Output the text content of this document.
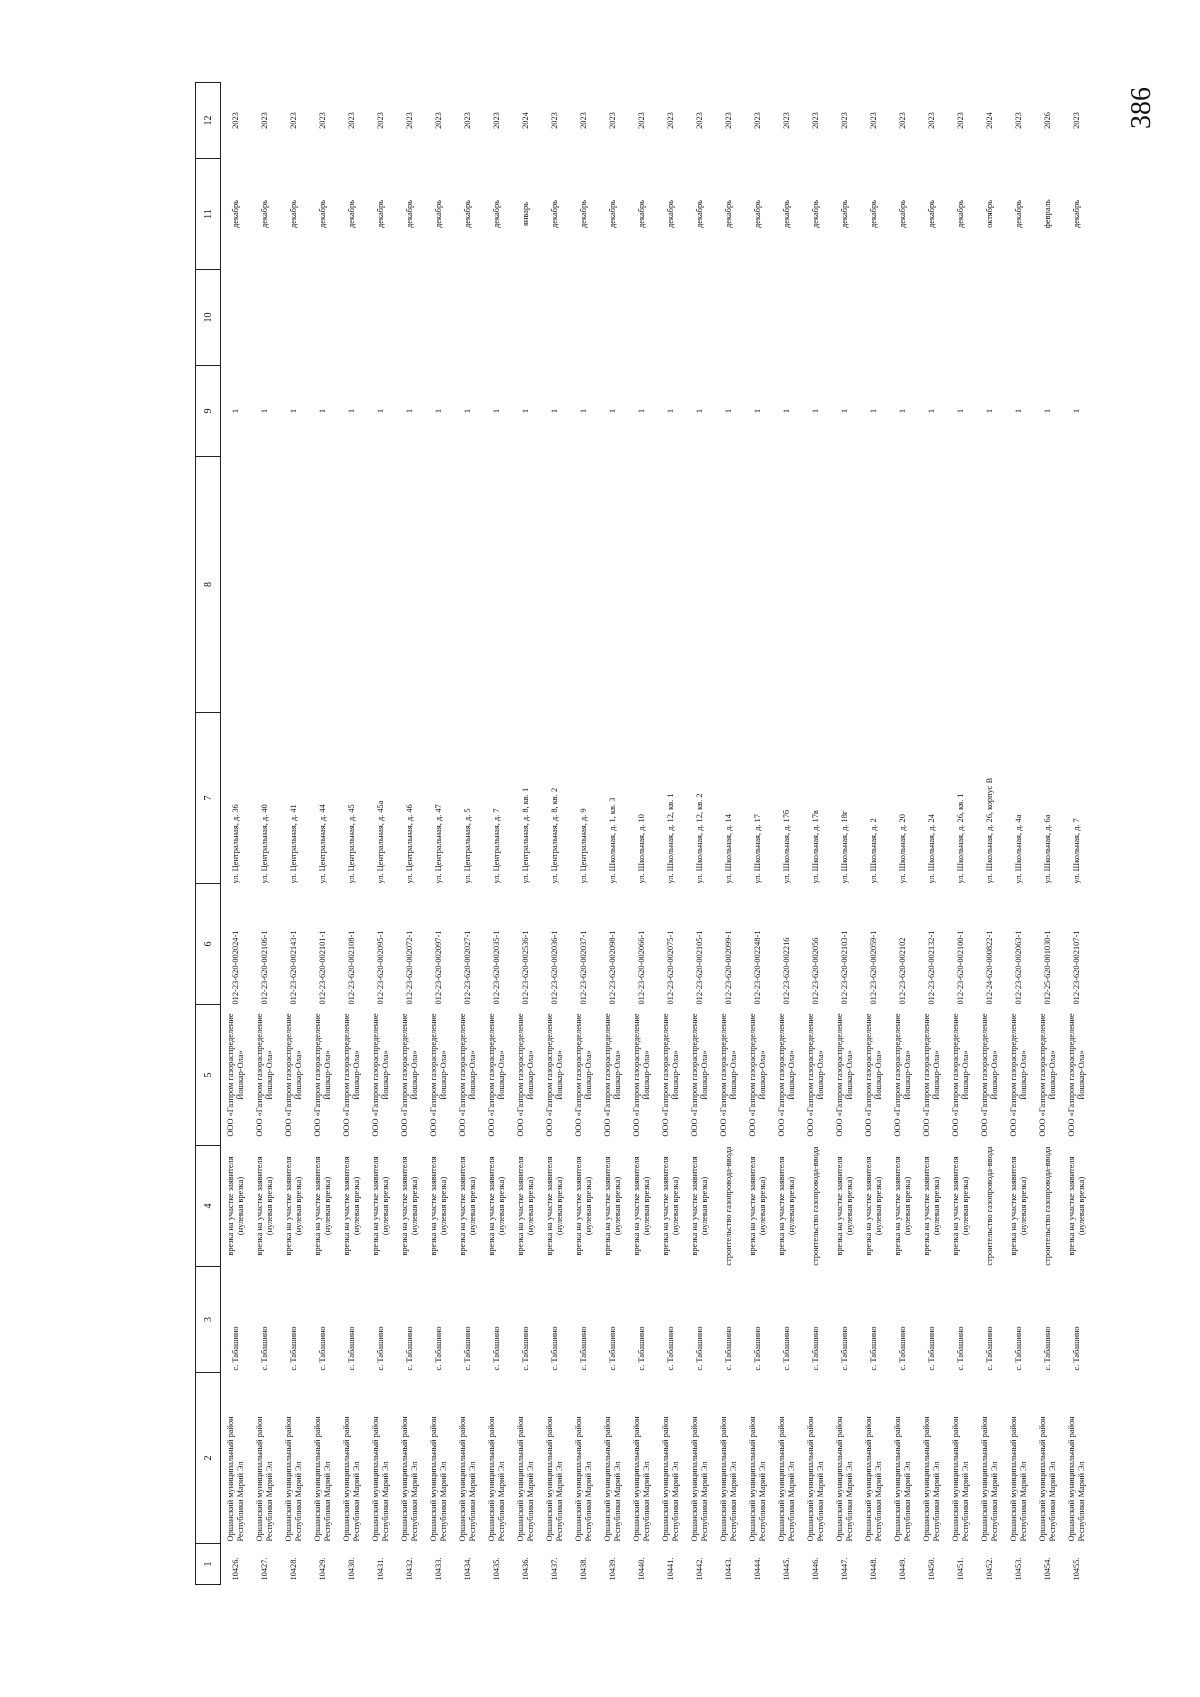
386
1	2	3	4	5	6	7	8	9	10	11	12
10426.	Оршанский муниципальный район Республики Марий Эл	с. Табашино	врезка на участке заявителя (нулевая врезка)	ООО «Газпром газораспределение Йошкар-Ола»	012-23-620-002024-1	ул. Центральная, д. 36		1		декабрь	2023
10427.	Оршанский муниципальный район Республики Марий Эл	с. Табашино	врезка на участке заявителя (нулевая врезка)	ООО «Газпром газораспределение Йошкар-Ола»	012-23-620-002106-1	ул. Центральная, д. 40		1		декабрь	2023
10428.	Оршанский муниципальный район Республики Марий Эл	с. Табашино	врезка на участке заявителя (нулевая врезка)	ООО «Газпром газораспределение Йошкар-Ола»	012-23-620-002143-1	ул. Центральная, д. 41		1		декабрь	2023
10429.	Оршанский муниципальный район Республики Марий Эл	с. Табашино	врезка на участке заявителя (нулевая врезка)	ООО «Газпром газораспределение Йошкар-Ола»	012-23-620-002101-1	ул. Центральная, д. 44		1		декабрь	2023
10430.	Оршанский муниципальный район Республики Марий Эл	с. Табашино	врезка на участке заявителя (нулевая врезка)	ООО «Газпром газораспределение Йошкар-Ола»	012-23-620-002108-1	ул. Центральная, д. 45		1		декабрь	2023
10431.	Оршанский муниципальный район Республики Марий Эл	с. Табашино	врезка на участке заявителя (нулевая врезка)	ООО «Газпром газораспределение Йошкар-Ола»	012-23-620-002095-1	ул. Центральная, д. 45а		1		декабрь	2023
10432.	Оршанский муниципальный район Республики Марий Эл	с. Табашино	врезка на участке заявителя (нулевая врезка)	ООО «Газпром газораспределение Йошкар-Ола»	012-23-620-002072-1	ул. Центральная, д. 46		1		декабрь	2023
10433.	Оршанский муниципальный район Республики Марий Эл	с. Табашино	врезка на участке заявителя (нулевая врезка)	ООО «Газпром газораспределение Йошкар-Ола»	012-23-620-002097-1	ул. Центральная, д. 47		1		декабрь	2023
10434.	Оршанский муниципальный район Республики Марий Эл	с. Табашино	врезка на участке заявителя (нулевая врезка)	ООО «Газпром газораспределение Йошкар-Ола»	012-23-620-002027-1	ул. Центральная, д. 5		1		декабрь	2023
10435.	Оршанский муниципальный район Республики Марий Эл	с. Табашино	врезка на участке заявителя (нулевая врезка)	ООО «Газпром газораспределение Йошкар-Ола»	012-23-620-002035-1	ул. Центральная, д. 7		1		декабрь	2023
10436.	Оршанский муниципальный район Республики Марий Эл	с. Табашино	врезка на участке заявителя (нулевая врезка)	ООО «Газпром газораспределение Йошкар-Ола»	012-23-620-002536-1	ул. Центральная, д. 8, кв. 1		1		январь	2024
10437.	Оршанский муниципальный район Республики Марий Эл	с. Табашино	врезка на участке заявителя (нулевая врезка)	ООО «Газпром газораспределение Йошкар-Ола»	012-23-620-002036-1	ул. Центральная, д. 8, кв. 2		1		декабрь	2023
10438.	Оршанский муниципальный район Республики Марий Эл	с. Табашино	врезка на участке заявителя (нулевая врезка)	ООО «Газпром газораспределение Йошкар-Ола»	012-23-620-002037-1	ул. Центральная, д. 9		1		декабрь	2023
10439.	Оршанский муниципальный район Республики Марий Эл	с. Табашино	врезка на участке заявителя (нулевая врезка)	ООО «Газпром газораспределение Йошкар-Ола»	012-23-620-002098-1	ул. Школьная, д. 1, кв. 3		1		декабрь	2023
10440.	Оршанский муниципальный район Республики Марий Эл	с. Табашино	врезка на участке заявителя (нулевая врезка)	ООО «Газпром газораспределение Йошкар-Ола»	012-23-620-002066-1	ул. Школьная, д. 10		1		декабрь	2023
10441.	Оршанский муниципальный район Республики Марий Эл	с. Табашино	врезка на участке заявителя (нулевая врезка)	ООО «Газпром газораспределение Йошкар-Ола»	012-23-620-002075-1	ул. Школьная, д. 12, кв. 1		1		декабрь	2023
10442.	Оршанский муниципальный район Республики Марий Эл	с. Табашино	врезка на участке заявителя (нулевая врезка)	ООО «Газпром газораспределение Йошкар-Ола»	012-23-620-002105-1	ул. Школьная, д. 12, кв. 2		1		декабрь	2023
10443.	Оршанский муниципальный район Республики Марий Эл	с. Табашино	строительство газопровода-ввода	ООО «Газпром газораспределение Йошкар-Ола»	012-23-620-002099-1	ул. Школьная, д. 14		1		декабрь	2023
10444.	Оршанский муниципальный район Республики Марий Эл	с. Табашино	врезка на участке заявителя (нулевая врезка)	ООО «Газпром газораспределение Йошкар-Ола»	012-23-620-002248-1	ул. Школьная, д. 17		1		декабрь	2023
10445.	Оршанский муниципальный район Республики Марий Эл	с. Табашино	врезка на участке заявителя (нулевая врезка)	ООО «Газпром газораспределение Йошкар-Ола»	012-23-620-002216	ул. Школьная, д. 17б		1		декабрь	2023
10446.	Оршанский муниципальный район Республики Марий Эл	с. Табашино	строительство газопровода-ввода	ООО «Газпром газораспределение Йошкар-Ола»	012-23-620-002056	ул. Школьная, д. 17в		1		декабрь	2023
10447.	Оршанский муниципальный район Республики Марий Эл	с. Табашино	врезка на участке заявителя (нулевая врезка)	ООО «Газпром газораспределение Йошкар-Ола»	012-23-620-002103-1	ул. Школьная, д. 18г		1		декабрь	2023
10448.	Оршанский муниципальный район Республики Марий Эл	с. Табашино	врезка на участке заявителя (нулевая врезка)	ООО «Газпром газораспределение Йошкар-Ола»	012-23-620-002059-1	ул. Школьная, д. 2		1		декабрь	2023
10449.	Оршанский муниципальный район Республики Марий Эл	с. Табашино	врезка на участке заявителя (нулевая врезка)	ООО «Газпром газораспределение Йошкар-Ола»	012-23-620-002102	ул. Школьная, д. 20		1		декабрь	2023
10450.	Оршанский муниципальный район Республики Марий Эл	с. Табашино	врезка на участке заявителя (нулевая врезка)	ООО «Газпром газораспределение Йошкар-Ола»	012-23-620-002132-1	ул. Школьная, д. 24		1		декабрь	2023
10451.	Оршанский муниципальный район Республики Марий Эл	с. Табашино	врезка на участке заявителя (нулевая врезка)	ООО «Газпром газораспределение Йошкар-Ола»	012-23-620-002100-1	ул. Школьная, д. 26, кв. 1		1		декабрь	2023
10452.	Оршанский муниципальный район Республики Марий Эл	с. Табашино	строительство газопровода-ввода	ООО «Газпром газораспределение Йошкар-Ола»	012-24-620-000822-1	ул. Школьная, д. 26, корпус В		1		октябрь	2024
10453.	Оршанский муниципальный район Республики Марий Эл	с. Табашино	врезка на участке заявителя (нулевая врезка)	ООО «Газпром газораспределение Йошкар-Ола»	012-23-620-002063-1	ул. Школьная, д. 4а		1		декабрь	2023
10454.	Оршанский муниципальный район Республики Марий Эл	с. Табашино	строительство газопровода-ввода	ООО «Газпром газораспределение Йошкар-Ола»	012-25-620-001030-1	ул. Школьная, д. 6а		1		февраль	2026
10455.	Оршанский муниципальный район Республики Марий Эл	с. Табашино	врезка на участке заявителя (нулевая врезка)	ООО «Газпром газораспределение Йошкар-Ола»	012-23-620-002107-1	ул. Школьная, д. 7		1		декабрь	2023
